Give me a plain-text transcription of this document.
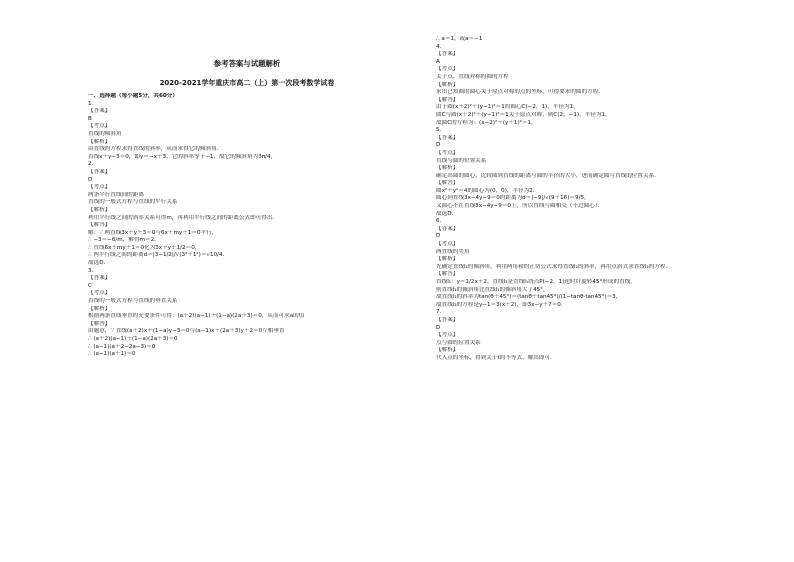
参考答案与试题解析
2020-2021学年重庆市高二（上）第一次段考数学试卷
一、选择题（每小题5分，共60分）
1.
【答案】
B
【考点】
直线的倾斜角
【解析】
由直线的方程求得直线的斜率，从而求得它的倾斜角．
直线x＋y−3＝0，即y＝−x＋3，它的斜率等于−1，故它的倾斜角为3π/4，
2.
【答案】
D
【考点】
两条平行直线间的距离
直线的一般式方程与直线的平行关系
【解析】
利用平行线之间的斜率关系可得m，再利用平行线之间的距离公式即可得出．
【解答】
解：∵ 两直线3x＋y＋3＝0与6x＋my＋1＝0平行，
∴ −3＝−6/m，解得m＝2．
∴ 直线6x＋my＋1＝0化为3x＋y＋1/2＝0，
∴ 两平行线之间的距离d＝|3−1/2|/√(3²＋1²)＝√10/4．
故选D．
3.
【答案】
C
【考点】
直线的一般式方程与直线的垂直关系
【解析】
根据两条直线垂直的充要条件可得：(a＋2)(a−1)＋(1−a)(2a＋3)＝0，从而可求a的值
【解答】
由题意，∵ 直线(a＋2)x＋(1−a)y−3＝0与(a−1)x＋(2a＋3)y＋2＝0互相垂直
∴ (a＋2)(a−1)＋(1−a)(2a＋3)＝0
∴ (a−1)(a＋2−2a−3)＝0
∴ (a−1)(a＋1)＝0
∴ a＝1，或a＝−1
4.
【答案】
A
【考点】
关于点、直线对称的圆的方程
【解析】
求出已知圆的圆心关于原点对称的点的坐标，可得要求的圆的方程．
【解答】
由于圆(x＋2)²＋(y−1)²＝1的圆心C(−2，1)，半径为1，
圆C与圆(x＋2)²＋(y−1)²＝1关于原点对称，则C(2，−1)，半径为1，
故圆C的方程为：(x−2)²＋(y＋1)²＝1，
5.
【答案】
D
【考点】
直线与圆的位置关系
【解析】
确定出圆的圆心，比较圆到直线的距离与圆的半径的大小，进而确定圆与直线的位置关系．
【解答】
圆x²＋y²＝4的圆心为(0，0)，半径为2．
圆心到直线3x−4y−9＝0的距离为d＝|−9|/√(9＋16)＝9/5，
又圆心不在直线3x−4y−9＝0上，所以直线与圆相交（不过圆心）．
故选D．
6.
【答案】
D
【考点】
两直线的夹角
【解析】
先确定直线l₁的倾斜角，利用两角和的正切公式求得直线l₂的斜率，再用点斜式求直线l₂的方程．
【解答】
直线l₁：y＝1/2x＋2，直线l₂是直线l₁绕点P(−2，1)逆时针旋转45°形成的直线，
则直线l₂的倾斜角比直线l₁的倾斜角大了45°，
故直线l₂的斜率为tan(θ＋45°)＝(tanθ＋tan45°)/(1−tanθ·tan45°)＝3，
故直线l₂的方程是y−1＝3(x＋2)，即3x−y＋7＝0．
7.
【答案】
D
【考点】
点与圆的位置关系
【解析】
代入点的坐标，得到关于t的不等式，解出即可．
